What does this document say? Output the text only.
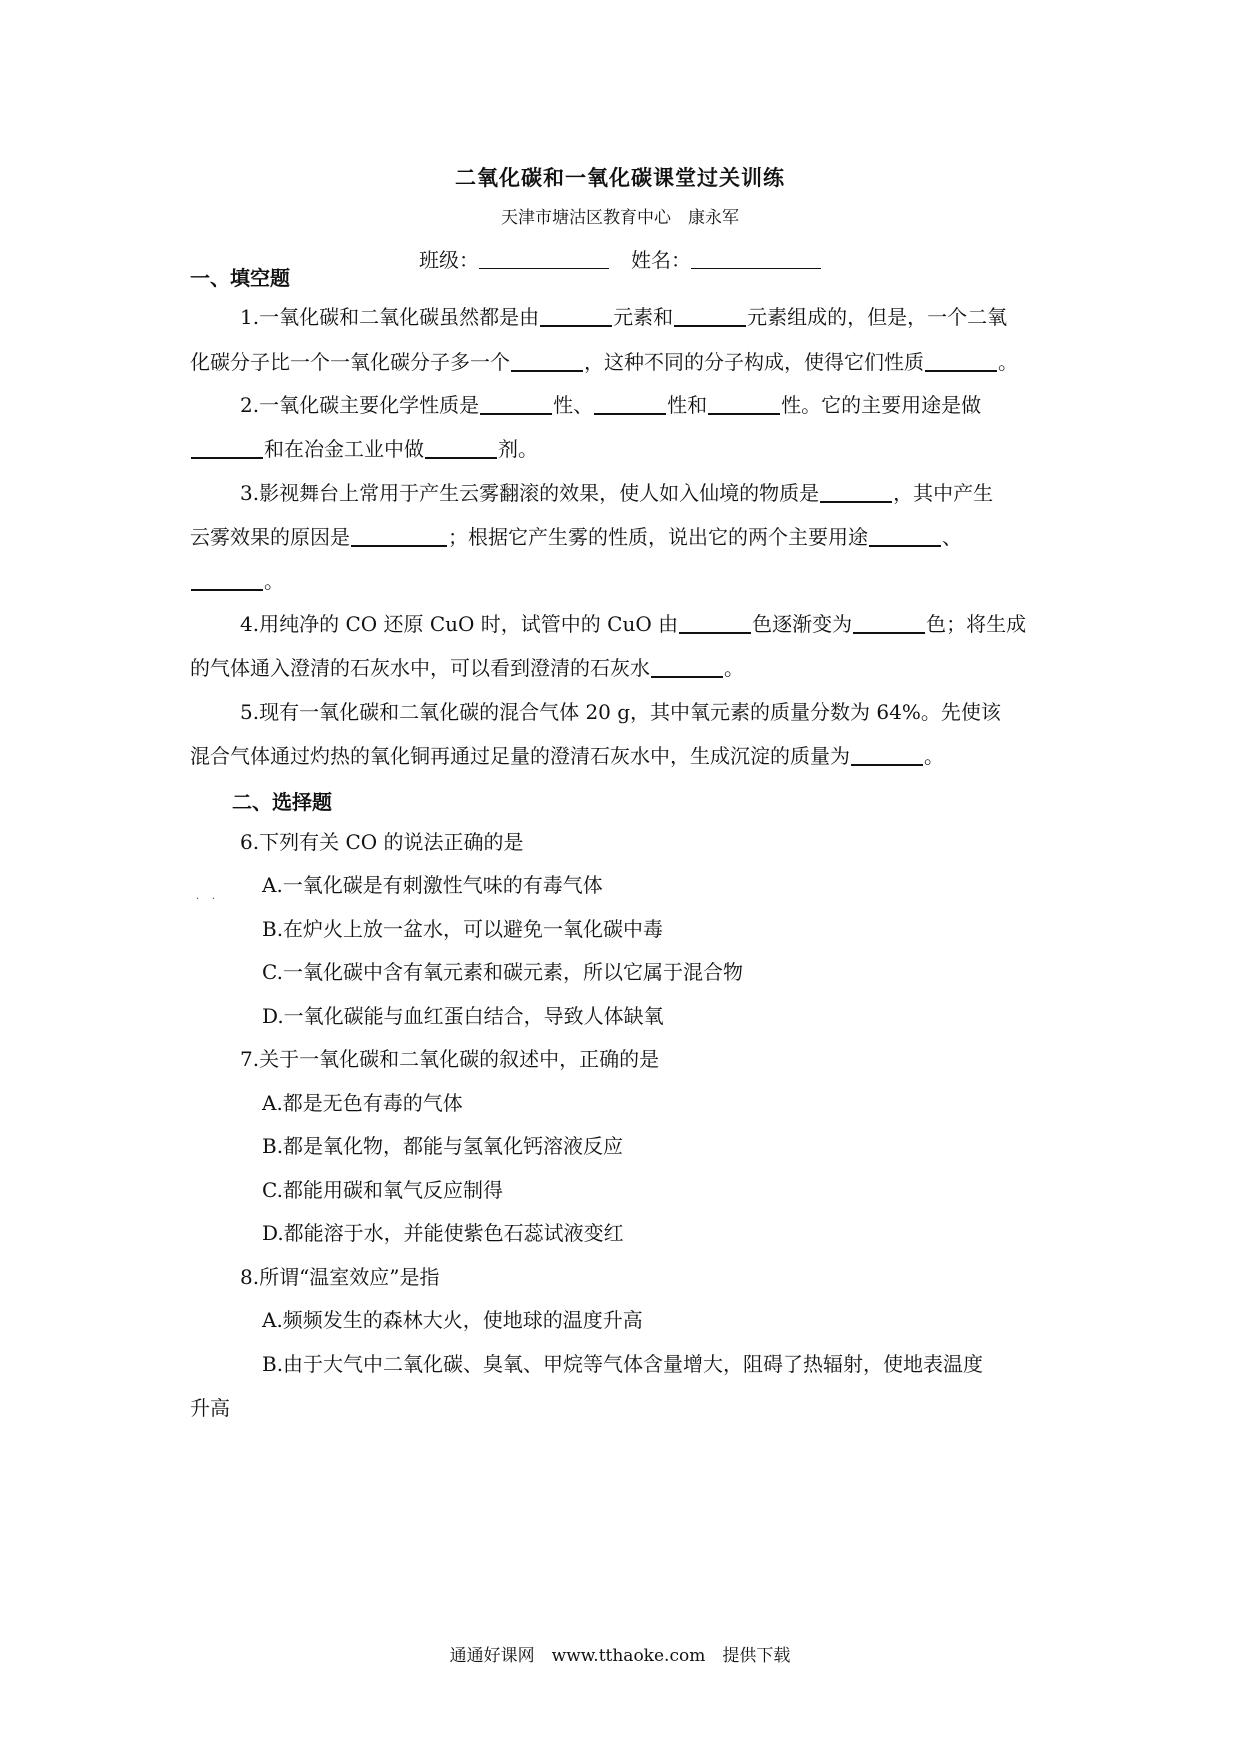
二氧化碳和一氧化碳课堂过关训练
天津市塘沽区教育中心　康永军
班级：	姓名：
一、填空题
1.一氧化碳和二氧化碳虽然都是由	元素和	元素组成的，但是，一个二氧
化碳分子比一个一氧化碳分子多一个	，这种不同的分子构成，使得它们性质	。
2.一氧化碳主要化学性质是	性、	性和	性。它的主要用途是做
和在冶金工业中做	剂。
3.影视舞台上常用于产生云雾翻滚的效果，使人如入仙境的物质是	，其中产生
云雾效果的原因是	；根据它产生雾的性质，说出它的两个主要用途	、
。
4.用纯净的 CO 还原 CuO 时，试管中的 CuO 由	色逐渐变为	色；将生成
的气体通入澄清的石灰水中，可以看到澄清的石灰水	。
5.现有一氧化碳和二氧化碳的混合气体 20 g，其中氧元素的质量分数为 64%。先使该
混合气体通过灼热的氧化铜再通过足量的澄清石灰水中，生成沉淀的质量为	。
·    ·
二、选择题
6.下列有关 CO 的说法正确的是
A.一氧化碳是有刺激性气味的有毒气体
B.在炉火上放一盆水，可以避免一氧化碳中毒
C.一氧化碳中含有氧元素和碳元素，所以它属于混合物
D.一氧化碳能与血红蛋白结合，导致人体缺氧
7.关于一氧化碳和二氧化碳的叙述中，正确的是
A.都是无色有毒的气体
B.都是氧化物，都能与氢氧化钙溶液反应
C.都能用碳和氧气反应制得
D.都能溶于水，并能使紫色石蕊试液变红
8.所谓“温室效应”是指
A.频频发生的森林大火，使地球的温度升高
B.由于大气中二氧化碳、臭氧、甲烷等气体含量增大，阻碍了热辐射，使地表温度
升高
通通好课网　www.tthaoke.com　提供下载
